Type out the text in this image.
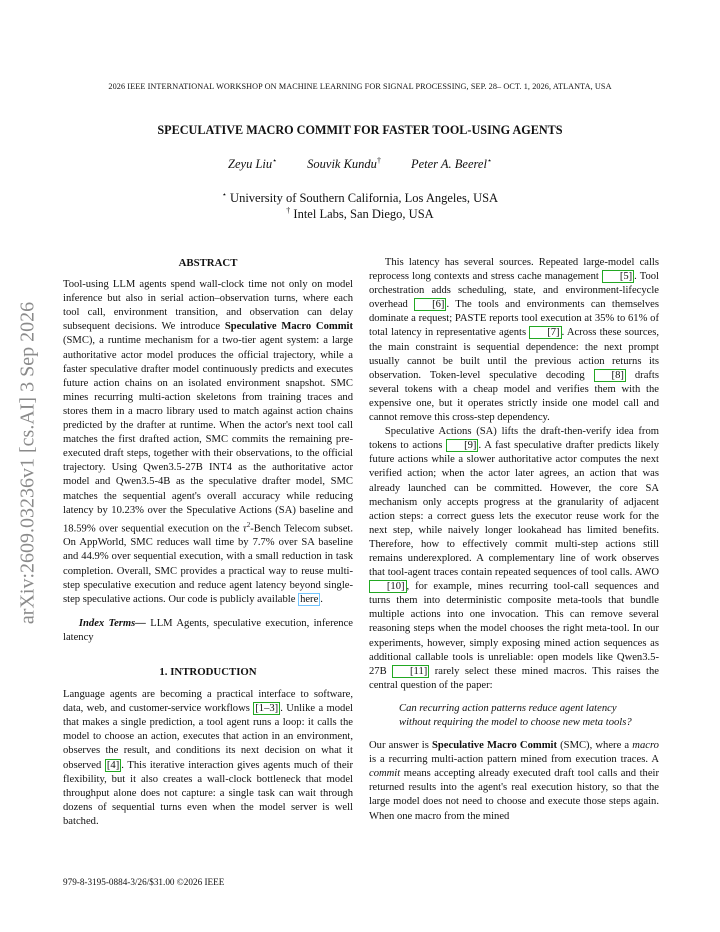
2026 IEEE INTERNATIONAL WORKSHOP ON MACHINE LEARNING FOR SIGNAL PROCESSING, SEP. 28– OCT. 1, 2026, ATLANTA, USA
arXiv:2609.03236v1 [cs.AI] 3 Sep 2026
SPECULATIVE MACRO COMMIT FOR FASTER TOOL-USING AGENTS
Zeyu Liu⋆ Souvik Kundu† Peter A. Beerel⋆
⋆ University of Southern California, Los Angeles, USA
† Intel Labs, San Diego, USA
ABSTRACT

Tool-using LLM agents spend wall-clock time not only on model inference but also in serial action–observation turns, where each tool call, environment transition, and observation can delay subsequent decisions. We introduce Speculative Macro Commit (SMC), a runtime mechanism for a two-tier agent system: a large authoritative actor model produces the official trajectory, while a faster speculative drafter model continuously predicts and executes future action chains on an isolated environment snapshot. SMC mines recurring multi-action skeletons from training traces and stores them in a macro library used to match against action chains predicted by the drafter at runtime. When the actor's next tool call matches the first drafted action, SMC commits the remaining pre-executed draft steps, together with their observations, to the official trajectory. Using Qwen3.5-27B INT4 as the authoritative actor model and Qwen3.5-4B as the speculative drafter model, SMC matches the sequential agent's overall accuracy while reducing latency by 10.23% over the Speculative Actions (SA) baseline and 18.59% over sequential execution on the $\tau^2$-Bench Telecom subset. On AppWorld, SMC reduces wall time by 7.7% over SA baseline and 44.9% over sequential execution, with a small reduction in task completion. Overall, SMC provides a practical way to reuse multi-step speculative execution and reduce agent latency beyond single-step speculative actions. Our code is publicly available here .

Index Terms— LLM Agents, speculative execution, inference latency

1. INTRODUCTION

Language agents are becoming a practical interface to software, data, web, and customer-service workflows [1–3] . Unlike a model that makes a single prediction, a tool agent runs a loop: it calls the model to choose an action, executes that action in an environment, observes the result, and conditions its next decision on what it observed [4] . This iterative interaction gives agents much of their flexibility, but it also creates a wall-clock bottleneck that model throughput alone does not capture: a single task can wait through dozens of sequential turns even when the model server is well batched.

This latency has several sources. Repeated large-model calls reprocess long contexts and stress cache management [5] . Tool orchestration adds scheduling, state, and environment-lifecycle overhead [6] . The tools and environments can themselves dominate a request; PASTE reports tool execution at 35% to 61% of total latency in representative agents [7] . Across these sources, the main constraint is sequential dependence: the next prompt usually cannot be built until the previous action returns its observation. Token-level speculative decoding [8] drafts several tokens with a cheap model and verifies them with the expensive one, but it operates strictly inside one model call and cannot remove this cross-step dependency.

Speculative Actions (SA) lifts the draft-then-verify idea from tokens to actions [9] . A fast speculative drafter predicts likely future actions while a slower authoritative actor computes the next verified action; when the actor later agrees, an action that was already launched can be committed. However, the core SA mechanism only accepts progress at the granularity of adjacent action steps: a correct guess lets the executor reuse work for the next step, while naively longer lookahead has limited benefits. Therefore, how to effectively commit multi-step actions still remains underexplored. A complementary line of work observes that tool-agent traces contain repeated sequences of tool calls. AWO [10] , for example, mines recurring tool-call sequences and turns them into deterministic composite meta-tools that bundle multiple actions into one invocation. This can remove several reasoning steps when the model chooses the right meta-tool. In our experiments, however, simply exposing mined action sequences as additional callable tools is unreliable: open models like Qwen3.5-27B [11] rarely select these mined macros. This raises the central question of the paper:

Can recurring action patterns reduce agent latency without requiring the model to choose new meta tools?

Our answer is Speculative Macro Commit (SMC), where a macro is a recurring multi-action pattern mined from execution traces. A commit means accepting already executed draft tool calls and their returned results into the agent's real execution history, so that the large model does not need to choose and execute those steps again. When one macro from the mined

979-8-3195-0884-3/26/$31.00 ©2026 IEEE
